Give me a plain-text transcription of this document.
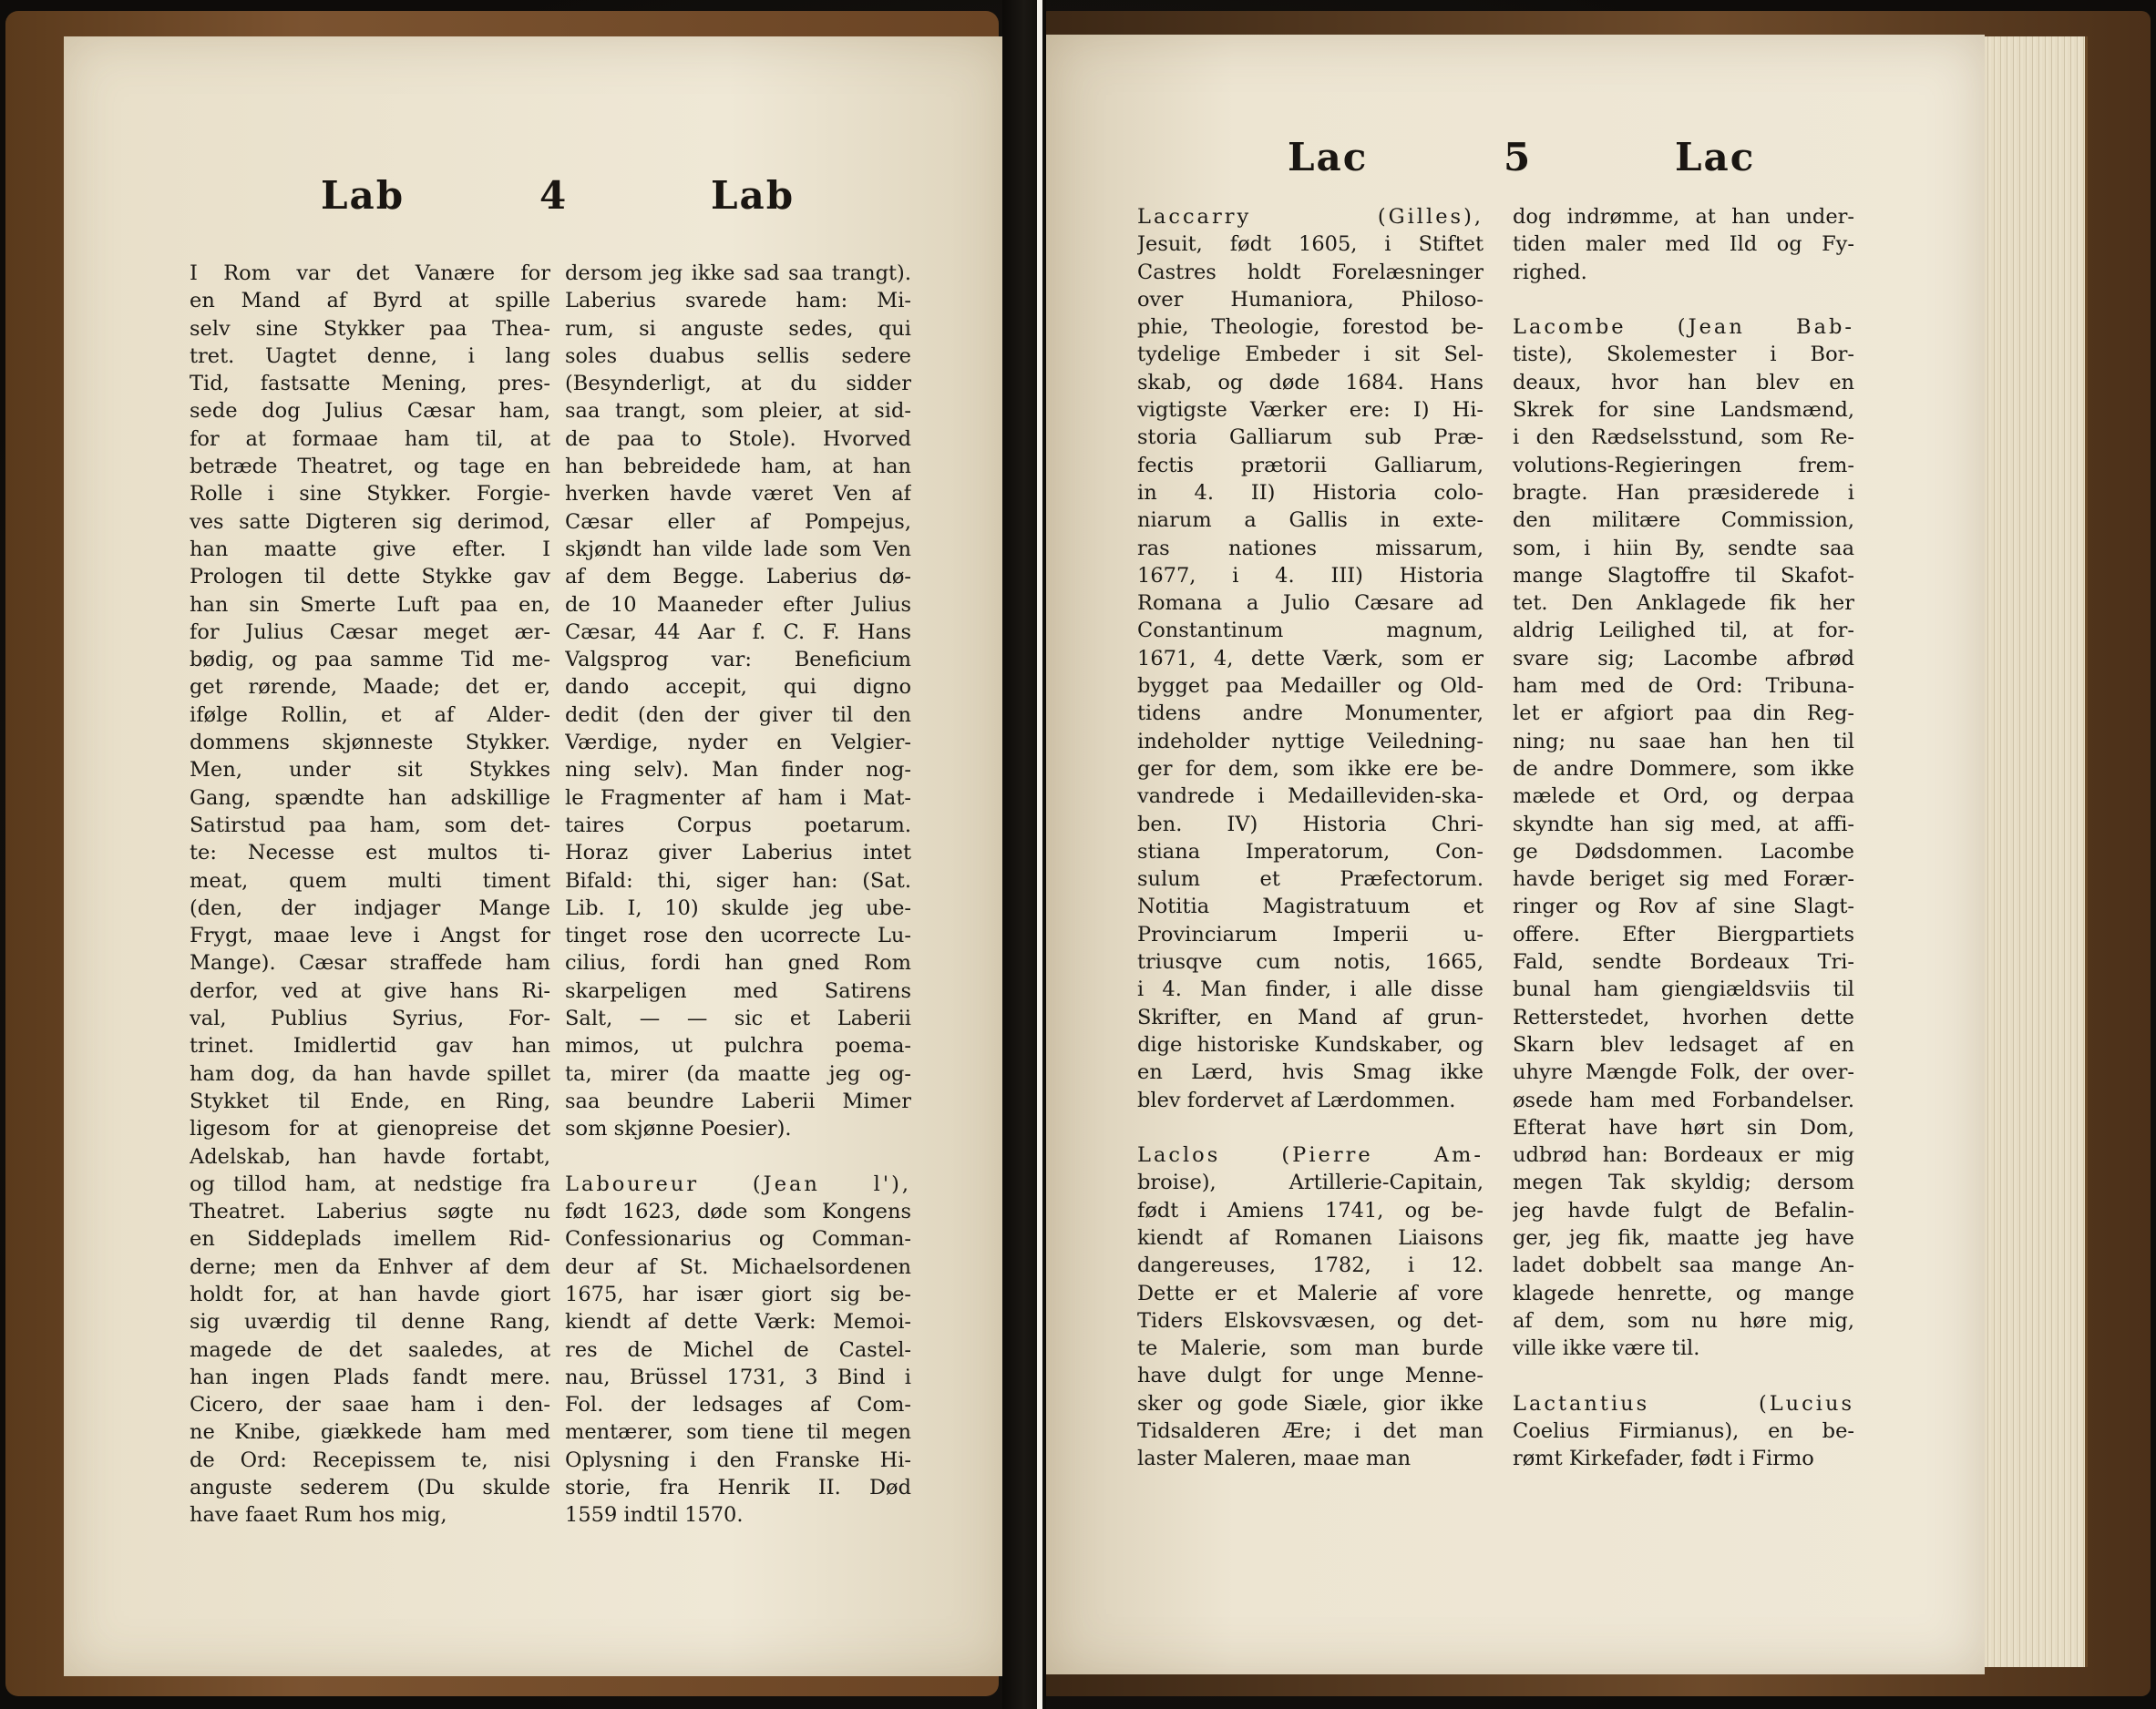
Lab	4	Lab
I Rom var det Vanære for
en Mand af Byrd at spille
selv sine Stykker paa Thea-
tret. Uagtet denne, i lang
Tid, fastsatte Mening, pres-
sede dog Julius Cæsar ham,
for at formaae ham til, at
betræde Theatret, og tage en
Rolle i sine Stykker. Forgie-
ves satte Digteren sig derimod,
han maatte give efter. I
Prologen til dette Stykke gav
han sin Smerte Luft paa en,
for Julius Cæsar meget ær-
bødig, og paa samme Tid me-
get rørende, Maade; det er,
ifølge Rollin, et af Alder-
dommens skjønneste Stykker.
Men, under sit Stykkes
Gang, spændte han adskillige
Satirstud paa ham, som det-
te: Necesse est multos ti-
meat, quem multi timent
(den, der indjager Mange
Frygt, maae leve i Angst for
Mange). Cæsar straffede ham
derfor, ved at give hans Ri-
val, Publius Syrius, For-
trinet. Imidlertid gav han
ham dog, da han havde spillet
Stykket til Ende, en Ring,
ligesom for at gienopreise det
Adelskab, han havde fortabt,
og tillod ham, at nedstige fra
Theatret. Laberius søgte nu
en Siddeplads imellem Rid-
derne; men da Enhver af dem
holdt for, at han havde giort
sig uværdig til denne Rang,
magede de det saaledes, at
han ingen Plads fandt mere.
Cicero, der saae ham i den-
ne Knibe, giækkede ham med
de Ord: Recepissem te, nisi
anguste sederem (Du skulde
have faaet Rum hos mig,
dersom jeg ikke sad saa trangt).
Laberius svarede ham: Mi-
rum, si anguste sedes, qui
soles duabus sellis sedere
(Besynderligt, at du sidder
saa trangt, som pleier, at sid-
de paa to Stole). Hvorved
han bebreidede ham, at han
hverken havde været Ven af
Cæsar eller af Pompejus,
skjøndt han vilde lade som Ven
af dem Begge. Laberius dø-
de 10 Maaneder efter Julius
Cæsar, 44 Aar f. C. F. Hans
Valgsprog var: Beneficium
dando accepit, qui digno
dedit (den der giver til den
Værdige, nyder en Velgier-
ning selv). Man finder nog-
le Fragmenter af ham i Mat-
taires Corpus poetarum.
Horaz giver Laberius intet
Bifald: thi, siger han: (Sat.
Lib. I, 10) skulde jeg ube-
tinget rose den ucorrecte Lu-
cilius, fordi han gned Rom
skarpeligen med Satirens
Salt, — — sic et Laberii
mimos, ut pulchra poema-
ta, mirer (da maatte jeg og-
saa beundre Laberii Mimer
som skjønne Poesier).
Laboureur (Jean l'),
født 1623, døde som Kongens
Confessionarius og Comman-
deur af St. Michaelsordenen
1675, har især giort sig be-
kiendt af dette Værk: Memoi-
res de Michel de Castel-
nau, Brüssel 1731, 3 Bind i
Fol. der ledsages af Com-
mentærer, som tiene til megen
Oplysning i den Franske Hi-
storie, fra Henrik II. Død
1559 indtil 1570.
Lac	5	Lac
Laccarry (Gilles),
Jesuit, født 1605, i Stiftet
Castres holdt Forelæsninger
over Humaniora, Philoso-
phie, Theologie, forestod be-
tydelige Embeder i sit Sel-
skab, og døde 1684. Hans
vigtigste Værker ere: I) Hi-
storia Galliarum sub Præ-
fectis prætorii Galliarum,
in 4. II) Historia colo-
niarum a Gallis in exte-
ras nationes missarum,
1677, i 4. III) Historia
Romana a Julio Cæsare ad
Constantinum magnum,
1671, 4, dette Værk, som er
bygget paa Medailler og Old-
tidens andre Monumenter,
indeholder nyttige Veiledning-
ger for dem, som ikke ere be-
vandrede i Medailleviden-ska-
ben. IV) Historia Chri-
stiana Imperatorum, Con-
sulum et Præfectorum.
Notitia Magistratuum et
Provinciarum Imperii u-
triusqve cum notis, 1665,
i 4. Man finder, i alle disse
Skrifter, en Mand af grun-
dige historiske Kundskaber, og
en Lærd, hvis Smag ikke
blev fordervet af Lærdommen.
Laclos (Pierre Am-
broise), Artillerie-Capitain,
født i Amiens 1741, og be-
kiendt af Romanen Liaisons
dangereuses, 1782, i 12.
Dette er et Malerie af vore
Tiders Elskovsvæsen, og det-
te Malerie, som man burde
have dulgt for unge Menne-
sker og gode Siæle, gior ikke
Tidsalderen Ære; i det man
laster Maleren, maae man
dog indrømme, at han under-
tiden maler med Ild og Fy-
righed.
Lacombe (Jean Bab-
tiste), Skolemester i Bor-
deaux, hvor han blev en
Skrek for sine Landsmænd,
i den Rædselsstund, som Re-
volutions-Regieringen frem-
bragte. Han præsiderede i
den militære Commission,
som, i hiin By, sendte saa
mange Slagtoffre til Skafot-
tet. Den Anklagede fik her
aldrig Leilighed til, at for-
svare sig; Lacombe afbrød
ham med de Ord: Tribuna-
let er afgiort paa din Reg-
ning; nu saae han hen til
de andre Dommere, som ikke
mælede et Ord, og derpaa
skyndte han sig med, at affi-
ge Dødsdommen. Lacombe
havde beriget sig med Forær-
ringer og Rov af sine Slagt-
offere. Efter Biergpartiets
Fald, sendte Bordeaux Tri-
bunal ham giengiældsviis til
Retterstedet, hvorhen dette
Skarn blev ledsaget af en
uhyre Mængde Folk, der over-
øsede ham med Forbandelser.
Efterat have hørt sin Dom,
udbrød han: Bordeaux er mig
megen Tak skyldig; dersom
jeg havde fulgt de Befalin-
ger, jeg fik, maatte jeg have
ladet dobbelt saa mange An-
klagede henrette, og mange
af dem, som nu høre mig,
ville ikke være til.
Lactantius (Lucius
Coelius Firmianus), en be-
rømt Kirkefader, født i Firmo
